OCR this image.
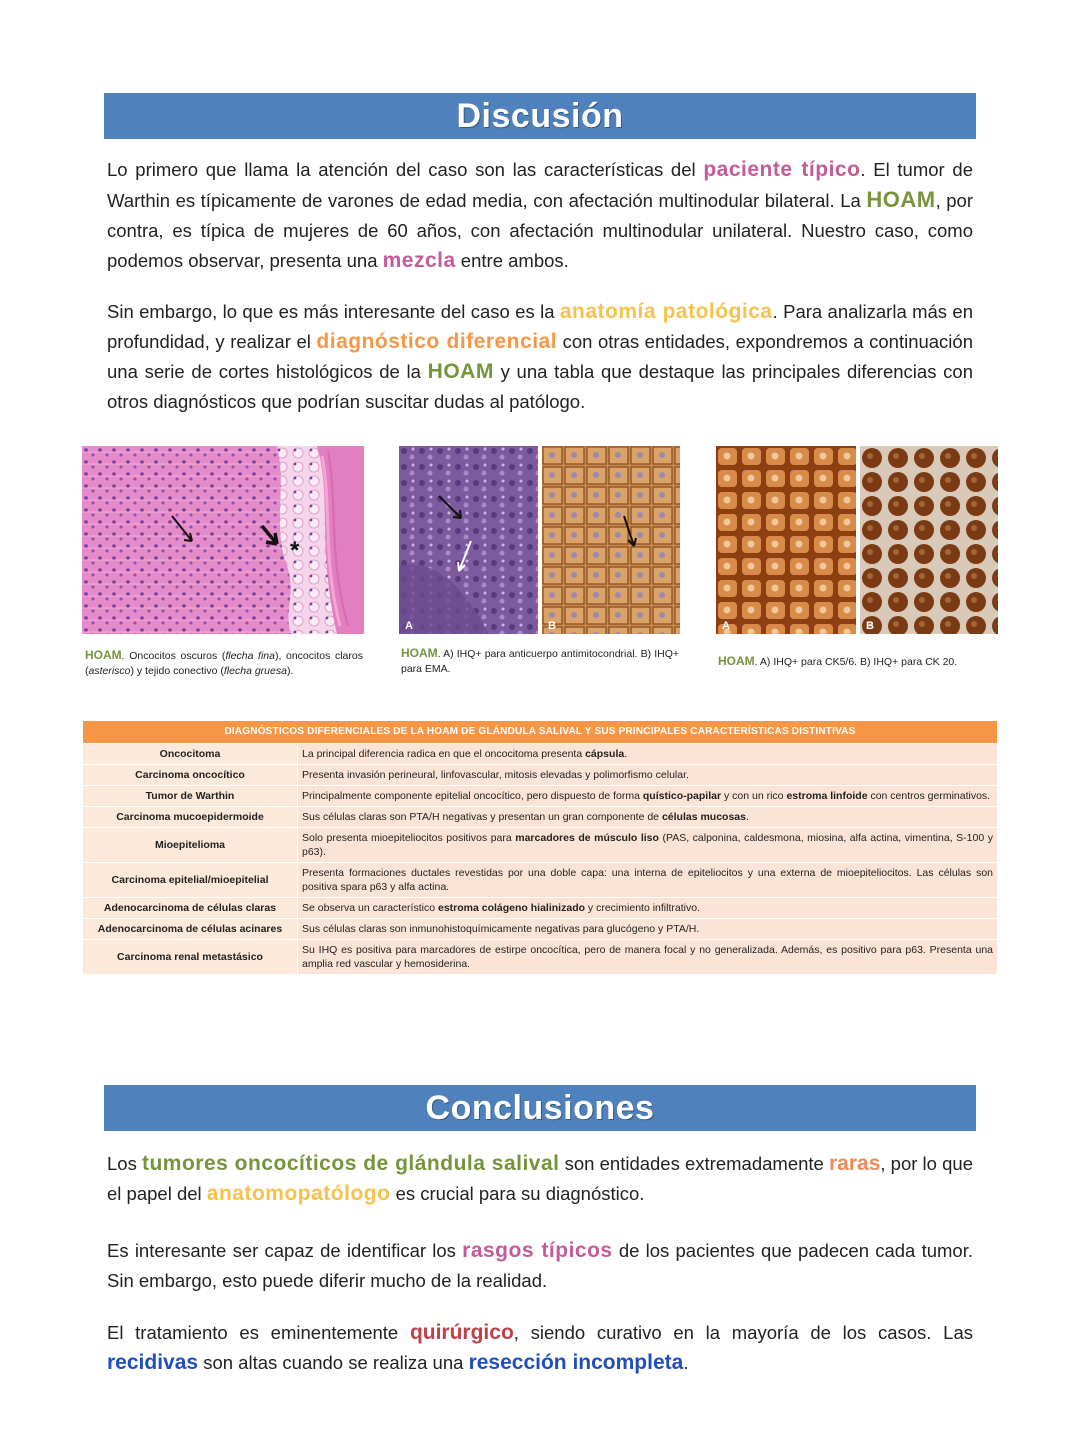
Discusión
Lo primero que llama la atención del caso son las características del paciente típico. El tumor de Warthin es típicamente de varones de edad media, con afectación multinodular bilateral. La HOAM, por contra, es típica de mujeres de 60 años, con afectación multinodular unilateral. Nuestro caso, como podemos observar, presenta una mezcla entre ambos.
Sin embargo, lo que es más interesante del caso es la anatomía patológica. Para analizarla más en profundidad, y realizar el diagnóstico diferencial con otras entidades, expondremos a continuación una serie de cortes histológicos de la HOAM y una tabla que destaque las principales diferencias con otros diagnósticos que podrían suscitar dudas al patólogo.
*
HOAM. Oncocitos oscuros (flecha fina), oncocitos claros (asterisco) y tejido conectivo (flecha gruesa).
A	B
HOAM. A) IHQ+ para anticuerpo antimitocondrial. B) IHQ+ para EMA.
A	B
HOAM. A) IHQ+ para CK5/6. B) IHQ+ para CK 20.
DIAGNÓSTICOS DIFERENCIALES DE LA HOAM DE GLÁNDULA SALIVAL Y SUS PRINCIPALES CARACTERÍSTICAS DISTINTIVAS	
Oncocitoma	La principal diferencia radica en que el oncocitoma presenta cápsula.
Carcinoma oncocítico	Presenta invasión perineural, linfovascular, mitosis elevadas y polimorfismo celular.
Tumor de Warthin	Principalmente componente epitelial oncocítico, pero dispuesto de forma quístico-papilar y con un rico estroma linfoide con centros germinativos.
Carcinoma mucoepidermoide	Sus células claras son PTA/H negativas y presentan un gran componente de células mucosas.
Mioepitelioma	Solo presenta mioepiteliocitos positivos para marcadores de músculo liso (PAS, calponina, caldesmona, miosina, alfa actina, vimentina, S-100 y p63).
Carcinoma epitelial/mioepitelial	Presenta formaciones ductales revestidas por una doble capa: una interna de epiteliocitos y una externa de mioepiteliocitos. Las células son positiva spara p63 y alfa actina.
Adenocarcinoma de células claras	Se observa un característico estroma colágeno hialinizado y crecimiento infiltrativo.
Adenocarcinoma de células acinares	Sus células claras son inmunohistoquímicamente negativas para glucógeno y PTA/H.
Carcinoma renal metastásico	Su IHQ es positiva para marcadores de estirpe oncocítica, pero de manera focal y no generalizada. Además, es positivo para p63. Presenta una amplia red vascular y hemosiderina.
Conclusiones
Los tumores oncocíticos de glándula salival son entidades extremadamente raras, por lo que el papel del anatomopatólogo es crucial para su diagnóstico.
Es interesante ser capaz de identificar los rasgos típicos de los pacientes que padecen cada tumor. Sin embargo, esto puede diferir mucho de la realidad.
El tratamiento es eminentemente quirúrgico, siendo curativo en la mayoría de los casos. Las recidivas son altas cuando se realiza una resección incompleta.
